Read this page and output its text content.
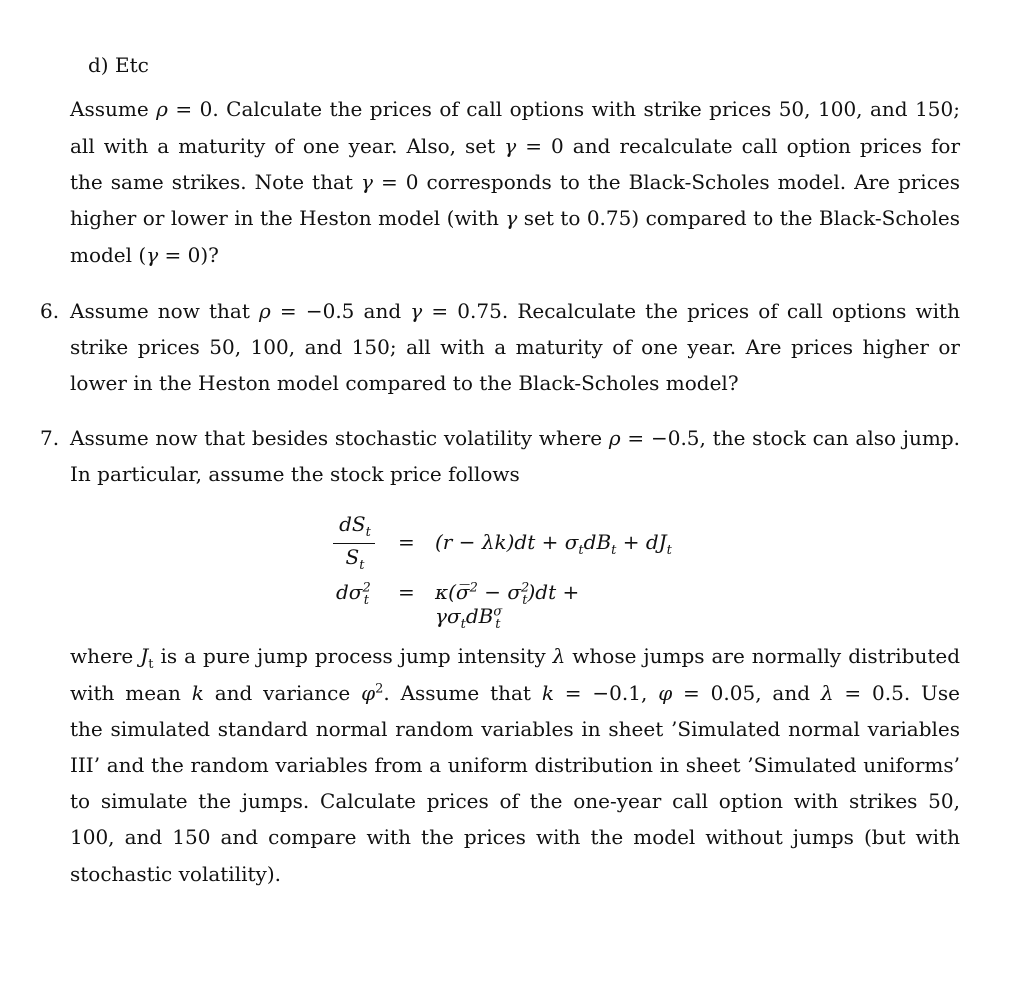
d) Etc
Assume ρ = 0. Calculate the prices of call options with strike prices 50, 100, and 150;
all with a maturity of one year. Also, set γ = 0 and recalculate call option prices for
the same strikes. Note that γ = 0 corresponds to the Black-Scholes model. Are prices
higher or lower in the Heston model (with γ set to 0.75) compared to the Black-Scholes
model (γ = 0)?
6. Assume now that ρ = −0.5 and γ = 0.75. Recalculate the prices of call options with
strike prices 50, 100, and 150; all with a maturity of one year. Are prices higher or
lower in the Heston model compared to the Black-Scholes model?
7. Assume now that besides stochastic volatility where ρ = −0.5, the stock can also jump.
In particular, assume the stock price follows
$dS_t$
$S_t$
= $(r - \lambda k)dt + \sigma_tdB_t + dJ_t$
$d\sigma^2_t$ = κ(σ̅$^2$ − $\sigma^2_t)dt + \gamma\sigma_tdB^\sigma_t$
where $J_t$ is a pure jump process jump intensity λ whose jumps are normally distributed
with mean k and variance $\varphi^2$. Assume that k = −0.1, φ = 0.05, and λ = 0.5. Use
the simulated standard normal random variables in sheet ’Simulated normal variables
III’ and the random variables from a uniform distribution in sheet ’Simulated uniforms’
to simulate the jumps. Calculate prices of the one-year call option with strikes 50,
100, and 150 and compare with the prices with the model without jumps (but with
stochastic volatility).
